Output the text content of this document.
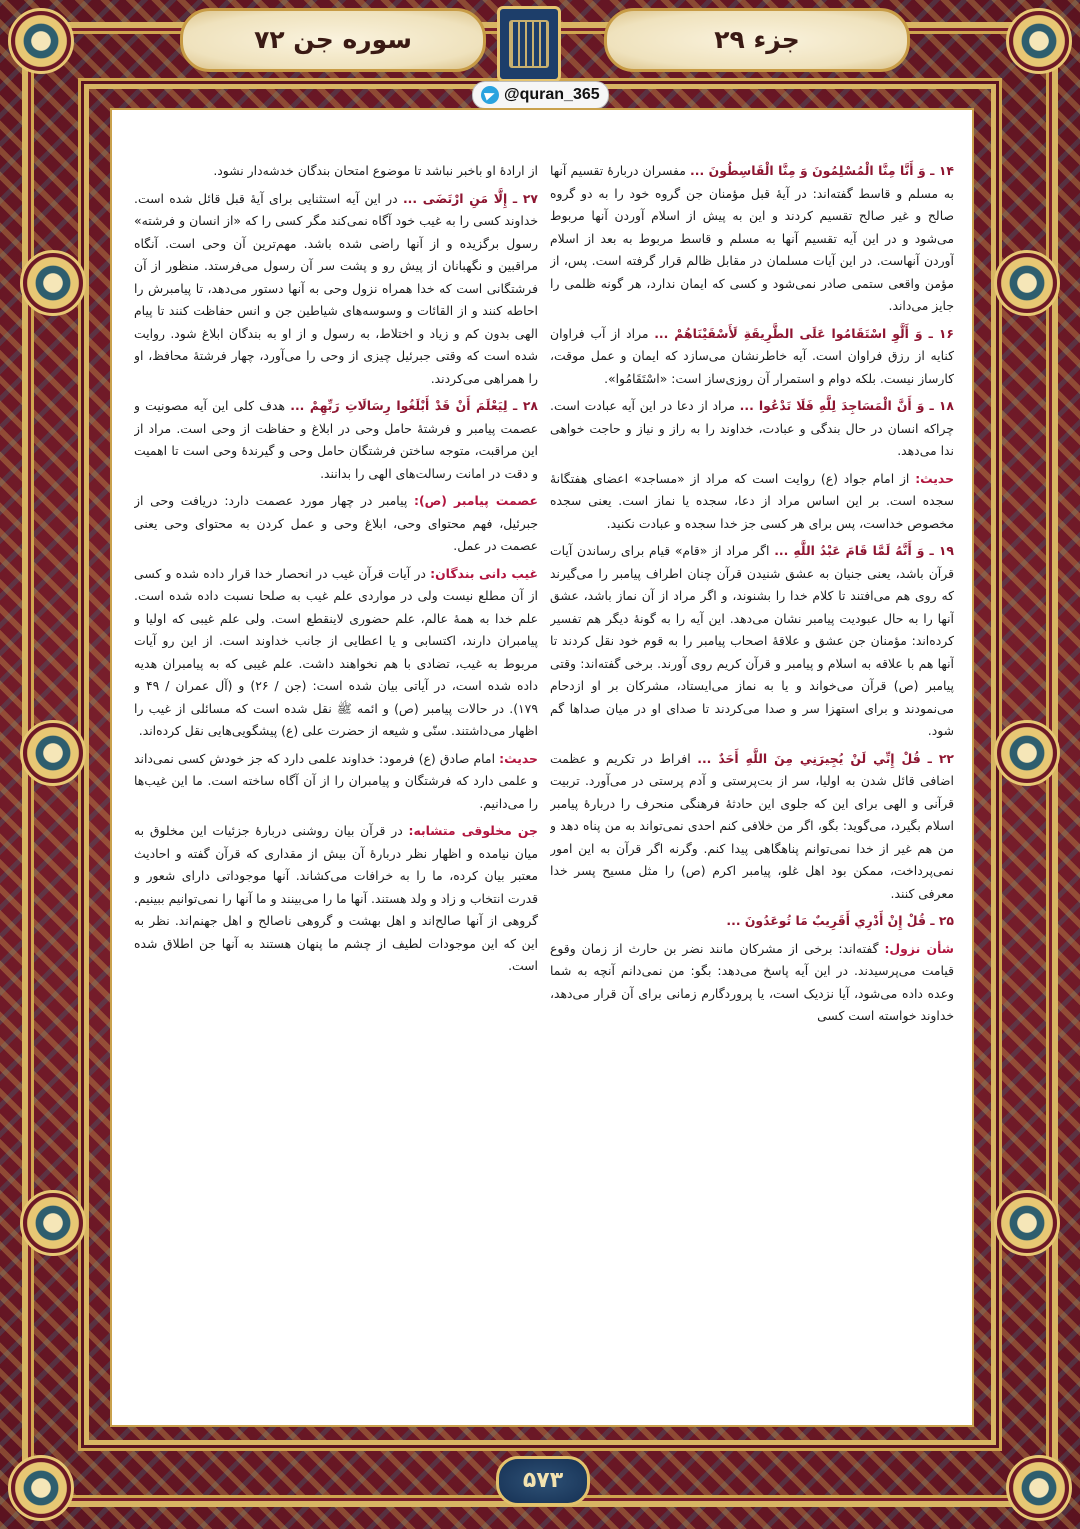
سوره جن ۷۲	جزء ۲۹
@quran_365

۱۴ ـ وَ أَنَّا مِنَّا الْمُسْلِمُونَ وَ مِنَّا الْقَاسِطُونَ ... مفسران دربارهٔ تقسیم آنها به مسلم و قاسط گفته‌اند: در آیهٔ قبل مؤمنان جن گروه خود را به دو گروه صالح و غیر صالح تقسیم کردند و این به پیش از اسلام آوردن آنها مربوط می‌شود و در این آیه تقسیم آنها به مسلم و قاسط مربوط به بعد از اسلام آوردن آنهاست. در این آیات مسلمان در مقابل ظالم قرار گرفته است. پس، از مؤمن واقعی ستمی صادر نمی‌شود و کسی که ایمان ندارد، هر گونه ظلمی را جایز می‌داند.

۱۶ ـ وَ أَلَّوِ اسْتَقَامُوا عَلَى الطَّرِيقَةِ لَأَسْقَيْنَاهُمْ ... مراد از آب فراوان کنایه از رزق فراوان است. آیه خاطرنشان می‌سازد که ایمان و عمل موقت، کارساز نیست. بلکه دوام و استمرار آن روزی‌ساز است: «اسْتَقَامُوا».

۱۸ ـ وَ أَنَّ الْمَسَاجِدَ لِلَّهِ فَلَا تَدْعُوا ... مراد از دعا در این آیه عبادت است. چراکه انسان در حال بندگی و عبادت، خداوند را به راز و نیاز و حاجت خواهی ندا می‌دهد.

حدیث: از امام جواد (ع) روایت است که مراد از «مساجد» اعضای هفتگانهٔ سجده است. بر این اساس مراد از دعا، سجده یا نماز است. یعنی سجده مخصوص خداست، پس برای هر کسی جز خدا سجده و عبادت نکنید.

۱۹ ـ وَ أَنَّهُ لَمَّا قَامَ عَبْدُ اللَّهِ ... اگر مراد از «قام» قیام برای رساندن آیات قرآن باشد، یعنی جنیان به عشق شنیدن قرآن چنان اطراف پیامبر را می‌گیرند که روی هم می‌افتند تا کلام خدا را بشنوند، و اگر مراد از آن نماز باشد، عشق آنها را به حال عبودیت پیامبر نشان می‌دهد. این آیه را به گونهٔ دیگر هم تفسیر کرده‌اند: مؤمنان جن عشق و علاقهٔ اصحاب پیامبر را به قوم خود نقل کردند تا آنها هم با علاقه به اسلام و پیامبر و قرآن کریم روی آورند. برخی گفته‌اند: وقتی پیامبر (ص) قرآن می‌خواند و یا به نماز می‌ایستاد، مشرکان بر او ازدحام می‌نمودند و برای استهزا سر و صدا می‌کردند تا صدای او در میان صداها گم شود.

۲۲ ـ قُلْ إِنِّي لَنْ يُجِيرَنِي مِنَ اللَّهِ أَحَدٌ ... افراط در تکریم و عظمت اضافی قائل شدن به اولیا، سر از بت‌پرستی و آدم پرستی در می‌آورد. تربیت قرآنی و الهی برای این که جلوی این حادثهٔ فرهنگی منحرف را دربارهٔ پیامبر اسلام بگیرد، می‌گوید: بگو، اگر من خلافی کنم احدی نمی‌تواند به من پناه دهد و من هم غیر از خدا نمی‌توانم پناهگاهی پیدا کنم. وگرنه اگر قرآن به این امور نمی‌پرداخت، ممکن بود اهل غلو، پیامبر اکرم (ص) را مثل مسیح پسر خدا معرفی کنند.

۲۵ ـ قُلْ إِنْ أَدْرِي أَقَرِيبٌ مَا تُوعَدُونَ ...

شأن نزول: گفته‌اند: برخی از مشرکان مانند نضر بن حارث از زمان وقوع قیامت می‌پرسیدند. در این آیه پاسخ می‌دهد: بگو: من نمی‌دانم آنچه به شما وعده داده می‌شود، آیا نزدیک است، یا پروردگارم زمانی برای آن قرار می‌دهد، خداوند خواسته است کسی

از ارادهٔ او باخبر نباشد تا موضوع امتحان بندگان خدشه‌دار نشود.

۲۷ ـ إِلَّا مَنِ ارْتَضَى ... در این آیه استثنایی برای آیهٔ قبل قائل شده است. خداوند کسی را به غیب خود آگاه نمی‌کند مگر کسی را که «از انسان و فرشته» رسول برگزیده و از آنها راضی شده باشد. مهم‌ترین آن وحی است. آنگاه مراقبین و نگهبانان از پیش رو و پشت سر آن رسول می‌فرستد. منظور از آن فرشتگانی است که خدا همراه نزول وحی به آنها دستور می‌دهد، تا پیامبرش را احاطه کنند و از القائات و وسوسه‌های شیاطین جن و انس حفاظت کنند تا پیام الهی بدون کم و زیاد و اختلاط، به رسول و از او به بندگان ابلاغ شود. روایت شده است که وقتی جبرئیل چیزی از وحی را می‌آورد، چهار فرشتهٔ محافظ، او را همراهی می‌کردند.

۲۸ ـ لِيَعْلَمَ أَنْ قَدْ أَبْلَغُوا رِسَالَاتِ رَبِّهِمْ ... هدف کلی این آیه مصونیت و عصمت پیامبر و فرشتهٔ حامل وحی در ابلاغ و حفاظت از وحی است. مراد از این مراقبت، متوجه ساختن فرشتگان حامل وحی و گیرندهٔ وحی است تا اهمیت و دقت در امانت رسالت‌های الهی را بدانند.

عصمت پیامبر (ص): پیامبر در چهار مورد عصمت دارد: دریافت وحی از جبرئیل، فهم محتوای وحی، ابلاغ وحی و عمل کردن به محتوای وحی یعنی عصمت در عمل.

غیب دانی بندگان: در آیات قرآن غیب در انحصار خدا قرار داده شده و کسی از آن مطلع نیست ولی در مواردی علم غیب به صلحا نسبت داده شده است. علم خدا به همهٔ عالم، علم حضوری لاینقطع است. ولی علم غیبی که اولیا و پیامبران دارند، اکتسابی و یا اعطایی از جانب خداوند است. از این رو آیات مربوط به غیب، تضادی با هم نخواهند داشت. علم غیبی که به پیامبران هدیه داده شده است، در آیاتی بیان شده است: (جن / ۲۶) و (آل عمران / ۴۹ و ۱۷۹). در حالات پیامبر (ص) و ائمه ﷺ نقل شده است که مسائلی از غیب را اظهار می‌داشتند. سنّی و شیعه از حضرت علی (ع) پیشگویی‌هایی نقل کرده‌اند.

حدیث: امام صادق (ع) فرمود: خداوند علمی دارد که جز خودش کسی نمی‌داند و علمی دارد که فرشتگان و پیامبران را از آن آگاه ساخته است. ما این غیب‌ها را می‌دانیم.

جن مخلوقی متشابه: در قرآن بیان روشنی دربارهٔ جزئیات این مخلوق به میان نیامده و اظهار نظر دربارهٔ آن بیش از مقداری که قرآن گفته و احادیث معتبر بیان کرده، ما را به خرافات می‌کشاند. آنها موجوداتی دارای شعور و قدرت انتخاب و زاد و ولد هستند. آنها ما را می‌بینند و ما آنها را نمی‌توانیم ببینیم. گروهی از آنها صالح‌اند و اهل بهشت و گروهی ناصالح و اهل جهنم‌اند. نظر به این که این موجودات لطیف از چشم ما پنهان هستند به آنها جن اطلاق شده است.

۵۷۳
